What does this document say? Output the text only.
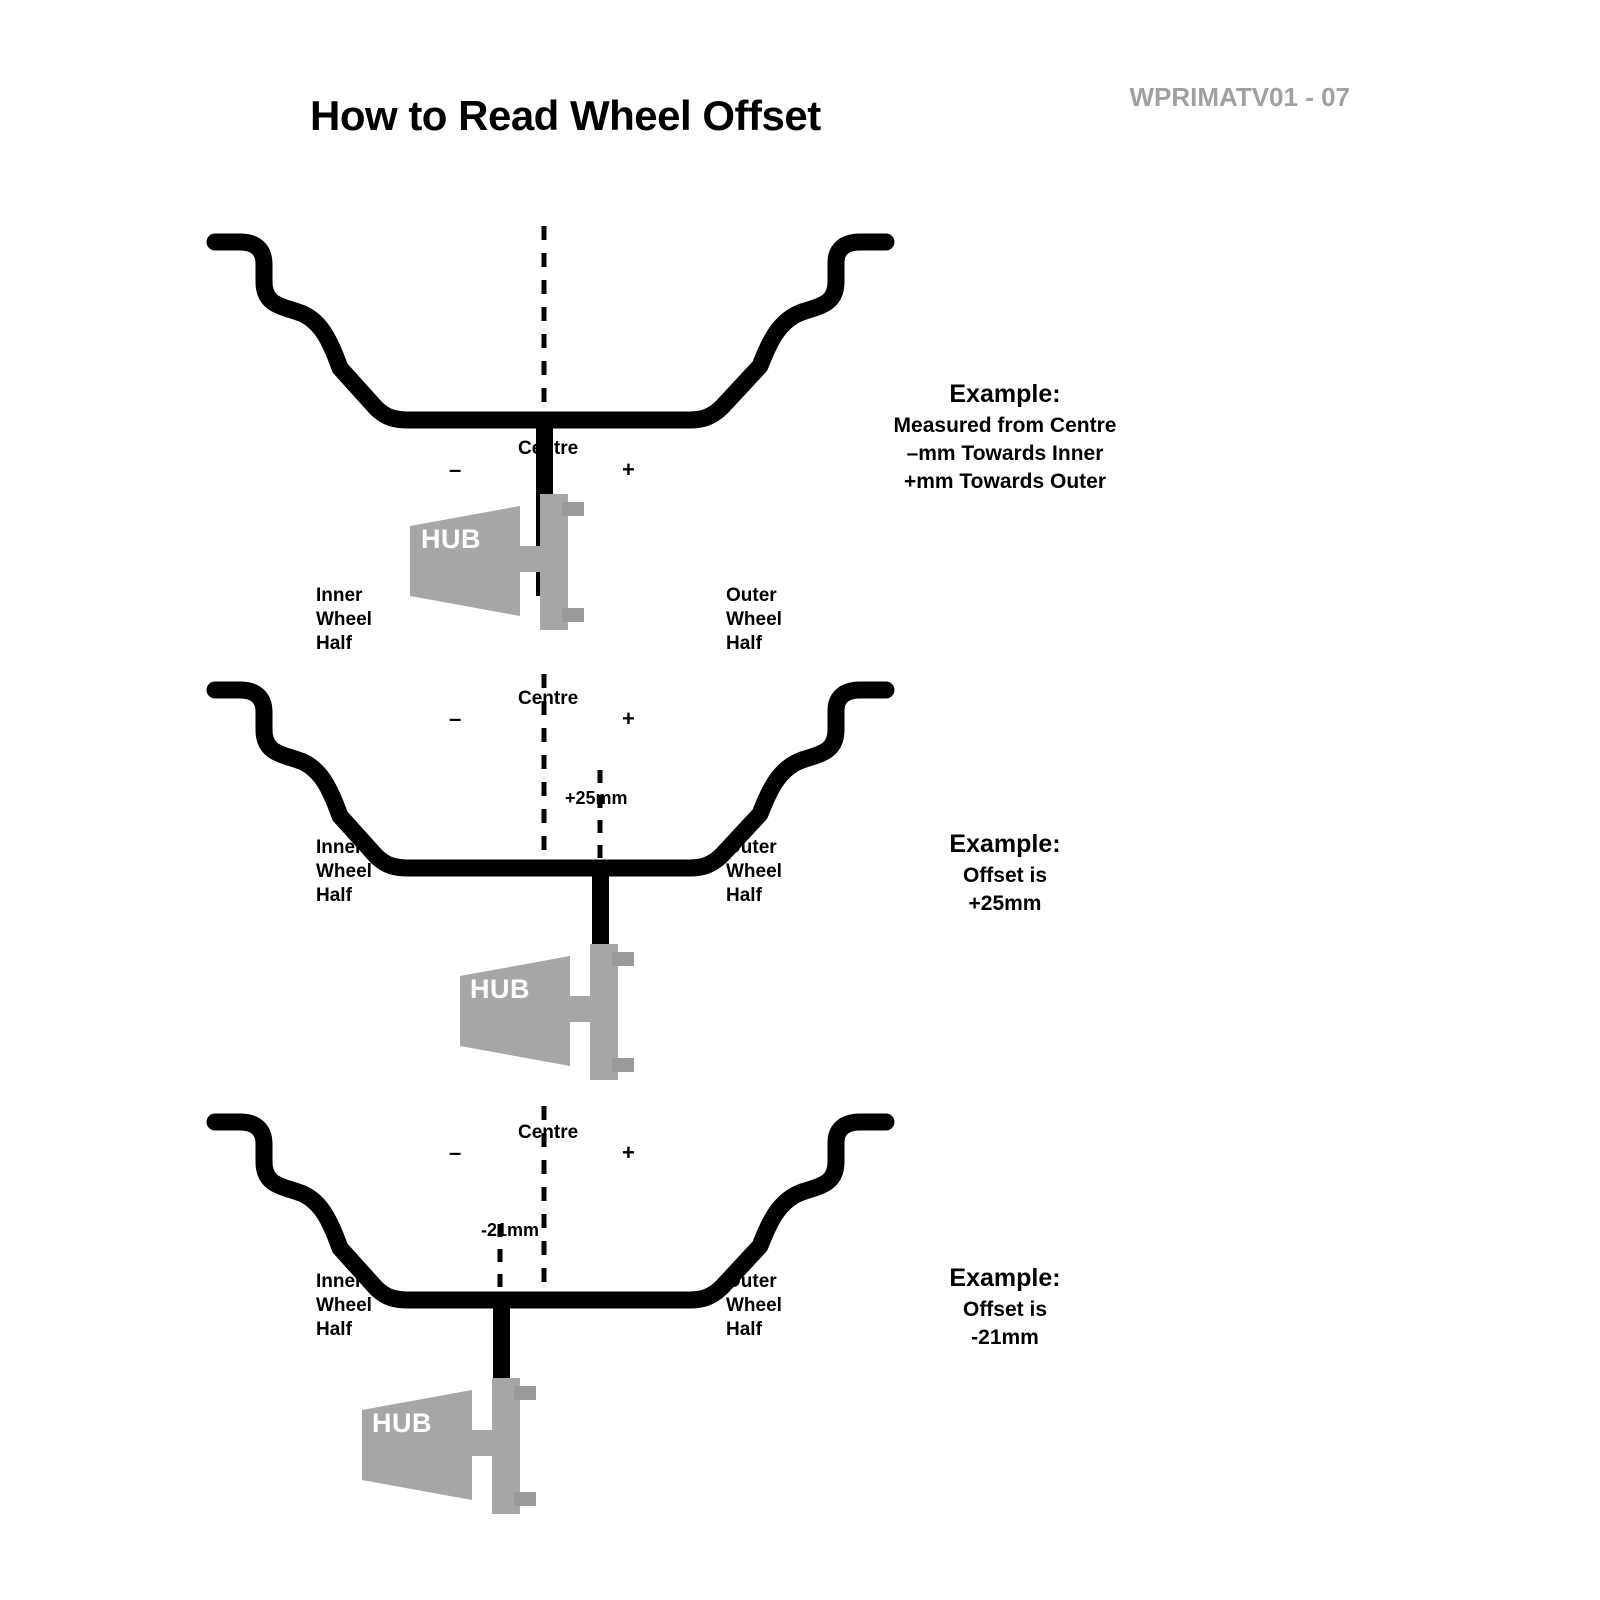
How to Read Wheel Offset	WPRIMATV01 - 07
Centre
–	+
Inner
Wheel
Half
Outer
Wheel
Half
HUB
Example:
Measured from Centre
–mm Towards Inner
+mm Towards Outer
Centre
–	+
+25mm
Inner
Wheel
Half
Outer
Wheel
Half
HUB
Example:
Offset is
+25mm
Centre
–	+
-21mm
Inner
Wheel
Half
Outer
Wheel
Half
HUB
Example:
Offset is
-21mm
